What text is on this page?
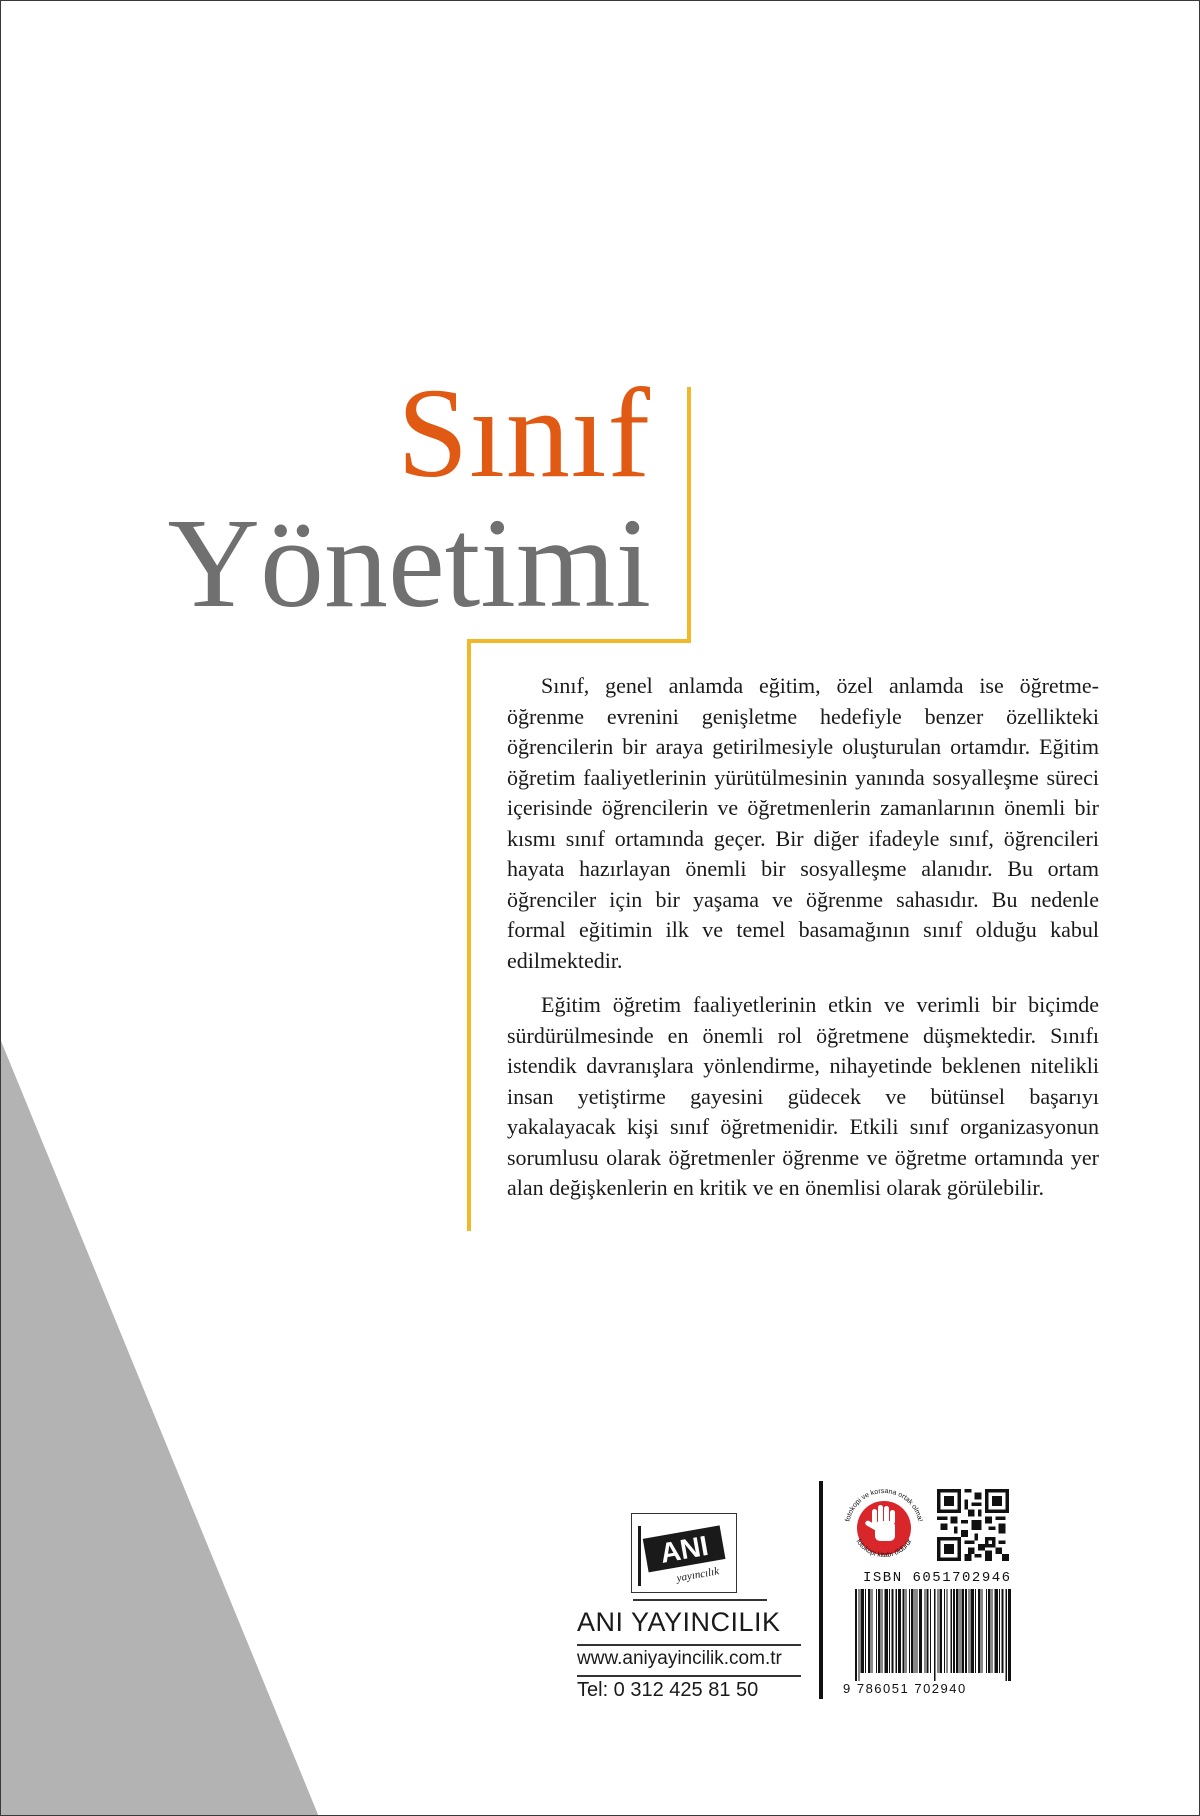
Sınıf
Yönetimi

Sınıf, genel anlamda eğitim, özel anlamda ise öğretme-öğrenme evrenini genişletme hedefiyle benzer özellikteki öğrencilerin bir araya getirilmesiyle oluşturulan ortamdır. Eğitim öğretim faaliyetlerinin yürütülmesinin yanında sosyalleşme süreci içerisinde öğrencilerin ve öğretmenlerin zamanlarının önemli bir kısmı sınıf ortamında geçer. Bir diğer ifadeyle sınıf, öğrencileri hayata hazırlayan önemli bir sosyalleşme alanıdır. Bu ortam öğrenciler için bir yaşama ve öğrenme sahasıdır. Bu nedenle formal eğitimin ilk ve temel basamağının sınıf olduğu kabul edilmektedir.

Eğitim öğretim faaliyetlerinin etkin ve verimli bir biçimde sürdürülmesinde en önemli rol öğretmene düşmektedir. Sınıfı istendik davranışlara yönlendirme, nihayetinde beklenen nitelikli insan yetiştirme gayesini güdecek ve bütünsel başarıyı yakalayacak kişi sınıf öğretmenidir. Etkili sınıf organizasyonun sorumlusu olarak öğretmenler öğrenme ve öğretme ortamında yer alan değişkenlerin en kritik ve en önemlisi olarak görülebilir.

ANI
yayıncılık
ANI YAYINCILIK
www.aniyayincilik.com.tr
Tel: 0 312 425 81 50
fotokopi ve korsana ortak olma!
fotokopi kitabı öldürür
ISBN 6051702946
9 786051 702940
